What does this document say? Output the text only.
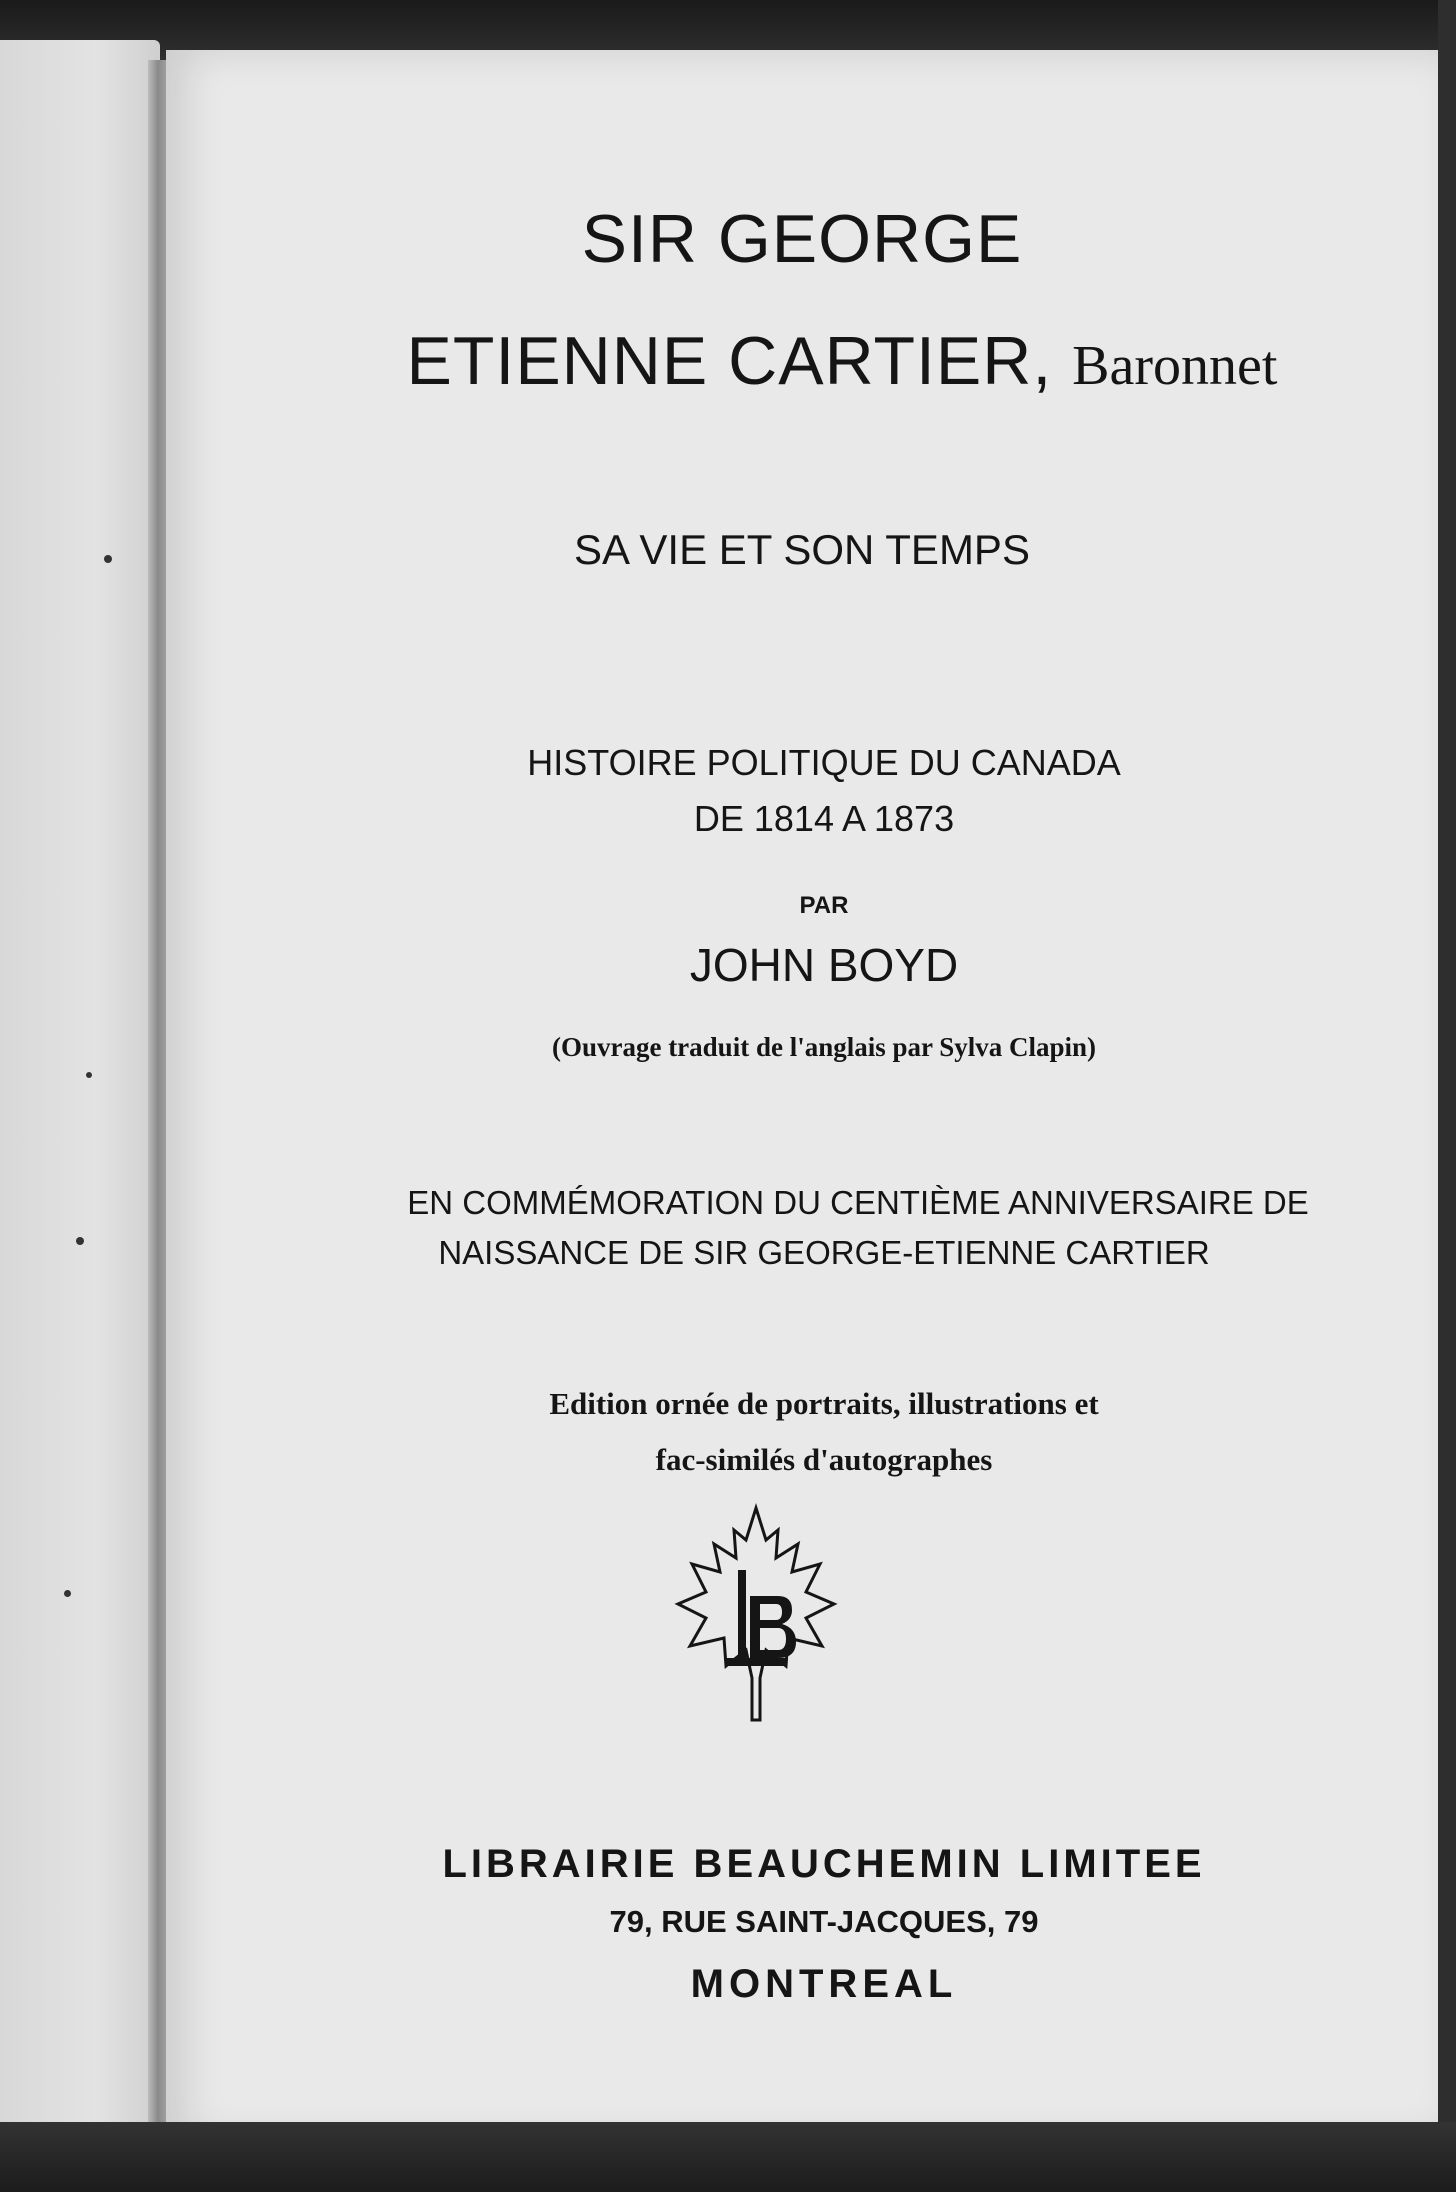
SIR GEORGE

ETIENNE CARTIER, Baronnet

SA VIE ET SON TEMPS

HISTOIRE POLITIQUE DU CANADA

DE 1814 A 1873

PAR

JOHN BOYD

(Ouvrage traduit de l'anglais par Sylva Clapin)

EN COMMÉMORATION DU CENTIÈME ANNIVERSAIRE DE

NAISSANCE DE SIR GEORGE-ETIENNE CARTIER

Edition ornée de portraits, illustrations et

fac-similés d'autographes

LIBRAIRIE BEAUCHEMIN LIMITEE

79, RUE SAINT-JACQUES, 79

MONTREAL
